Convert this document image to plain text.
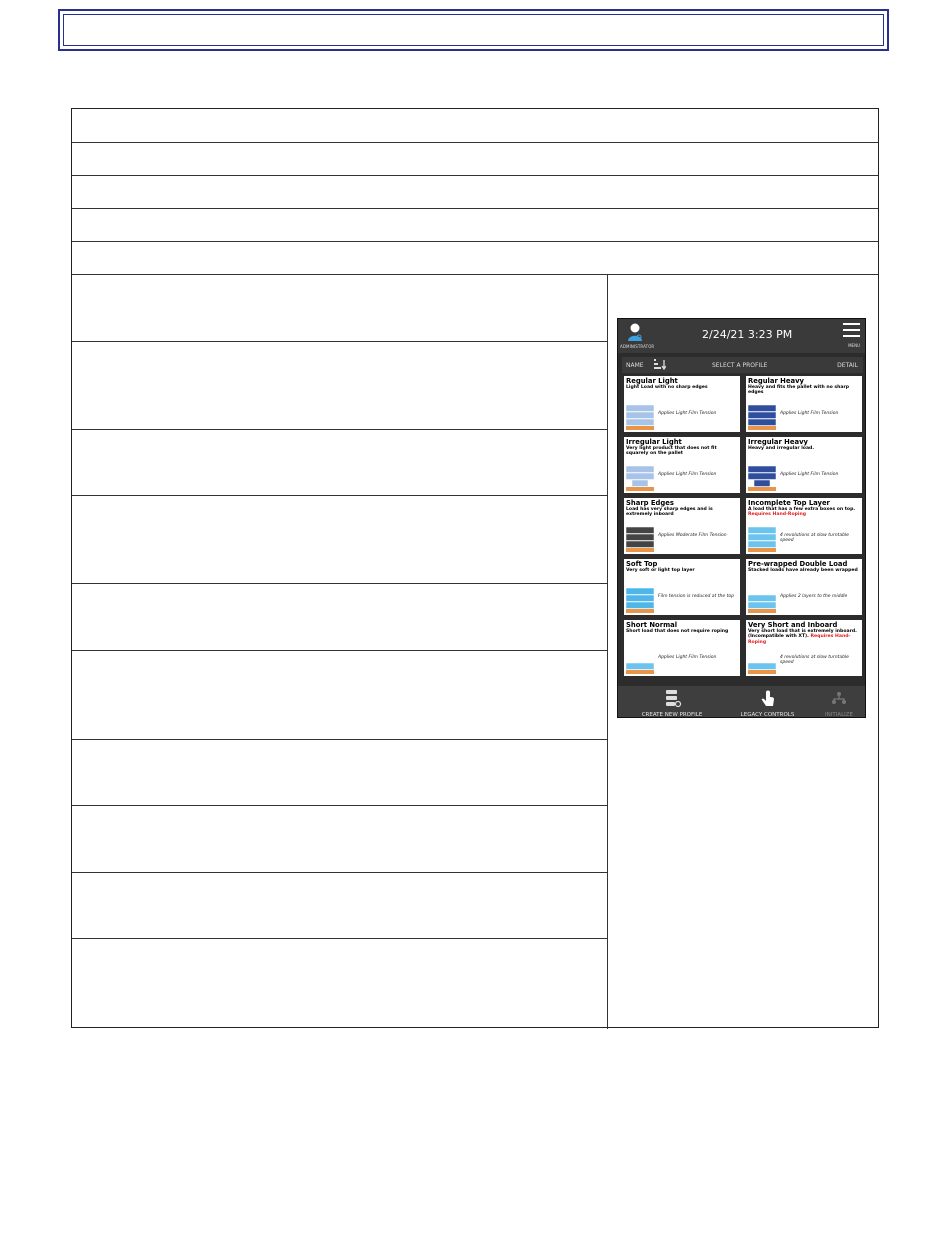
ADMINISTRATOR
2/24/21 3:23 PM
MENU
NAME	SELECT A PROFILE	DETAIL
Regular Light
Light Load with no sharp edges
Applies Light Film Tension
Regular Heavy
Heavy and fits the pallet with no sharp edges
Applies Light Film Tension
Irregular Light
Very light product that does not fit squarely on the pallet
Applies Light Film Tension
Irregular Heavy
Heavy and irregular load.
Applies Light Film Tension
Sharp Edges
Load has very sharp edges and is extremely inboard
Applies Moderate Film Tension
Incomplete Top Layer
A load that has a few extra boxes on top. Requires Hand-Roping
4 revolutions at slow turntable speed
Soft Top
Very soft or light top layer
Film tension is reduced at the top
Pre-wrapped Double Load
Stacked loads have already been wrapped
Applies 2 layers to the middle
Short Normal
Short load that does not require roping
Applies Light Film Tension
Very Short and Inboard
Very short load that is extremely inboard. (Incompatible with XT). Requires Hand-Roping
4 revolutions at slow turntable speed
CREATE NEW PROFILE	LEGACY CONTROLS	INITIALIZE
